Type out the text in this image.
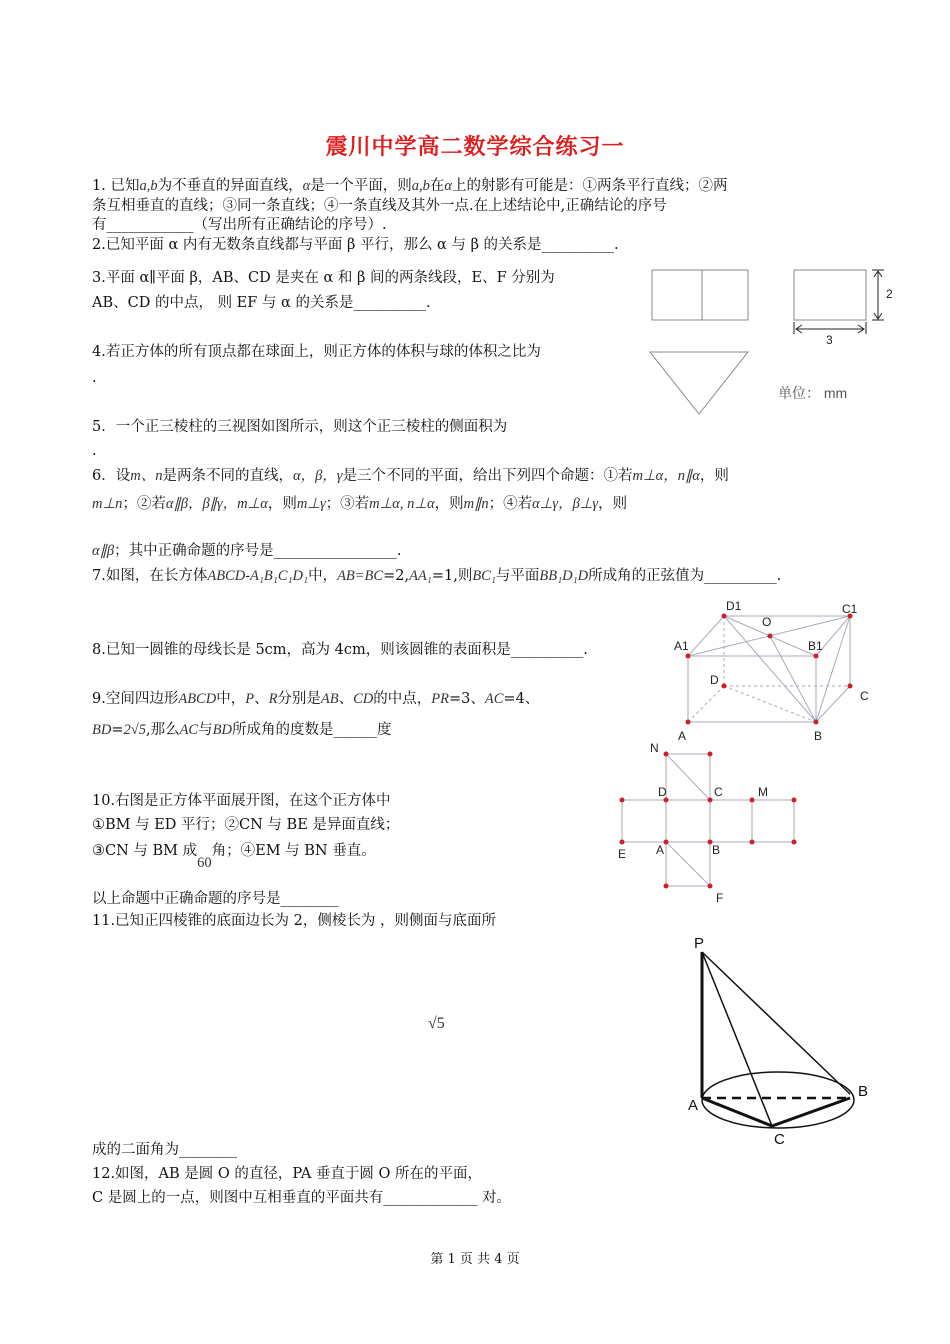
震川中学高二数学综合练习一
1. 已知a,b为不垂直的异面直线，α是一个平面，则a,b在α上的射影有可能是：①两条平行直线；②两
条互相垂直的直线；③同一条直线；④一条直线及其外一点.在上述结论中,正确结论的序号
有____________（写出所有正确结论的序号）.
2.已知平面 α 内有无数条直线都与平面 β 平行，那么 α 与 β 的关系是__________.
3.平面 α∥平面 β，AB、CD 是夹在 α 和 β 间的两条线段，E、F 分别为
AB、CD 的中点， 则 EF 与 α 的关系是__________.
4.若正方体的所有顶点都在球面上，则正方体的体积与球的体积之比为
.
5．一个正三棱柱的三视图如图所示，则这个正三棱柱的侧面积为
.
6．设m、n是两条不同的直线，α，β，γ是三个不同的平面，给出下列四个命题：①若m⊥α，n∥α，则
m⊥n；②若α∥β，β∥γ，m⊥α，则m⊥γ；③若m⊥α, n⊥α，则m∥n；④若α⊥γ，β⊥γ，则
α∥β；其中正确命题的序号是_________________.
7.如图，在长方体ABCD-A₁B₁C₁D₁中，AB=BC=2,AA₁=1,则BC₁与平面BB₁D₁D所成角的正弦值为__________.
8.已知一圆锥的母线长是 5cm，高为 4cm，则该圆锥的表面积是__________.
9.空间四边形ABCD中，P、R分别是AB、CD的中点，PR=3、AC=4、
BD=2√5,那么AC与BD所成角的度数是______度
10.右图是正方体平面展开图，在这个正方体中
①BM 与 ED 平行；②CN 与 BE 是异面直线；
③CN 与 BM 成60角；④EM 与 BN 垂直。
以上命题中正确命题的序号是________
11.已知正四棱锥的底面边长为 2，侧棱长为 ，则侧面与底面所
√5
成的二面角为________
12.如图，AB 是圆 O 的直径，PA 垂直于圆 O 所在的平面，
C 是圆上的一点，则图中互相垂直的平面共有_____________ 对。
2
3
单位： mm
D1
O
C1
A1	B1
D
C
A	B
N
D	C	M
E A	B
F
P
A
B
C
第 1 页 共 4 页
